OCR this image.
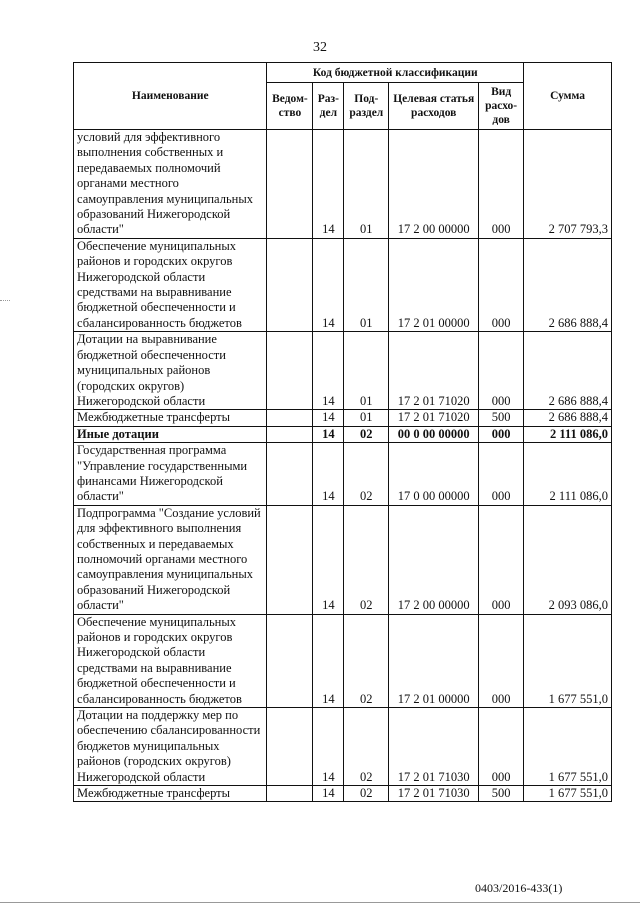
32
Наименование	Код бюджетной классификации					Сумма
	Ведом- ство	Раз- дел	Под- раздел	Целевая статья расходов	Вид расхо- дов	
условий для эффективного выполнения собственных и передаваемых полномочий органами местного самоуправления муниципальных образований Нижегородской области"		14	01	17 2 00 00000	000	2 707 793,3
Обеспечение муниципальных районов и городских округов Нижегородской области средствами на выравнивание бюджетной обеспеченности и сбалансированность бюджетов		14	01	17 2 01 00000	000	2 686 888,4
Дотации на выравнивание бюджетной обеспеченности муниципальных районов (городских округов) Нижегородской области		14	01	17 2 01 71020	000	2 686 888,4
Межбюджетные трансферты		14	01	17 2 01 71020	500	2 686 888,4
Иные дотации		14	02	00 0 00 00000	000	2 111 086,0
Государственная программа "Управление государственными финансами Нижегородской области"		14	02	17 0 00 00000	000	2 111 086,0
Подпрограмма "Создание условий для эффективного выполнения собственных и передаваемых полномочий органами местного самоуправления муниципальных образований Нижегородской области"		14	02	17 2 00 00000	000	2 093 086,0
Обеспечение муниципальных районов и городских округов Нижегородской области средствами на выравнивание бюджетной обеспеченности и сбалансированность бюджетов		14	02	17 2 01 00000	000	1 677 551,0
Дотации на поддержку мер по обеспечению сбалансированности бюджетов муниципальных районов (городских округов) Нижегородской области		14	02	17 2 01 71030	000	1 677 551,0
Межбюджетные трансферты		14	02	17 2 01 71030	500	1 677 551,0
0403/2016-433(1)
